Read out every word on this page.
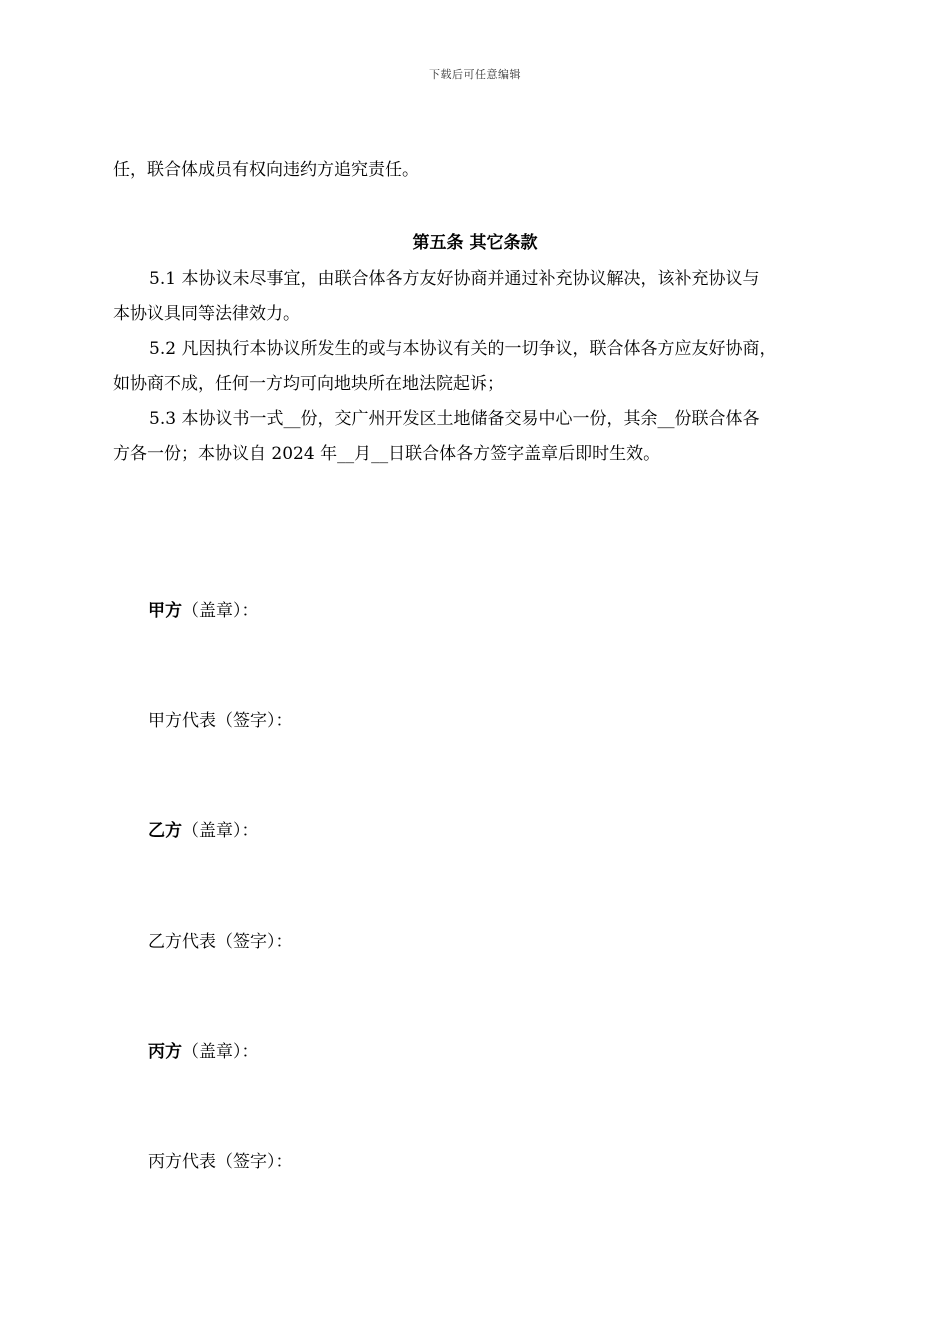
下载后可任意编辑
任，联合体成员有权向违约方追究责任。
第五条 其它条款
5.1 本协议未尽事宜，由联合体各方友好协商并通过补充协议解决，该补充协议与
本协议具同等法律效力。
5.2 凡因执行本协议所发生的或与本协议有关的一切争议，联合体各方应友好协商，
如协商不成，任何一方均可向地块所在地法院起诉；
5.3 本协议书一式__份，交广州开发区土地储备交易中心一份，其余__份联合体各
方各一份；本协议自 2024 年__月__日联合体各方签字盖章后即时生效。
甲方（盖章）：
甲方代表（签字）：
乙方（盖章）：
乙方代表（签字）：
丙方（盖章）：
丙方代表（签字）：
